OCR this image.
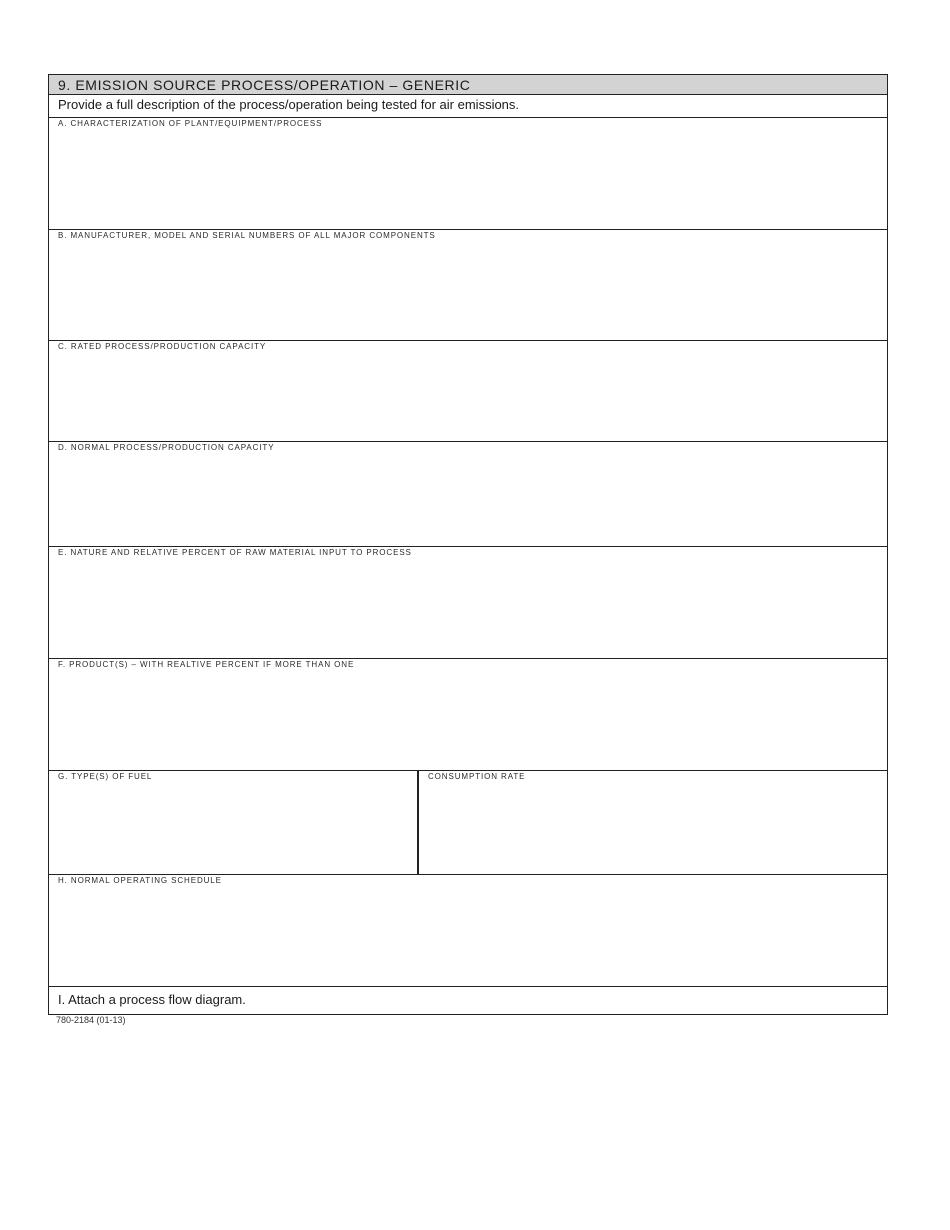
9. EMISSION SOURCE PROCESS/OPERATION – GENERIC
Provide a full description of the process/operation being tested for air emissions.
A. CHARACTERIZATION OF PLANT/EQUIPMENT/PROCESS
B. MANUFACTURER, MODEL AND SERIAL NUMBERS OF ALL MAJOR COMPONENTS
C. RATED PROCESS/PRODUCTION CAPACITY
D. NORMAL PROCESS/PRODUCTION CAPACITY
E. NATURE AND RELATIVE PERCENT OF RAW MATERIAL INPUT TO PROCESS
F. PRODUCT(S) – WITH REALTIVE PERCENT IF MORE THAN ONE
G. TYPE(S) OF FUEL	CONSUMPTION RATE
H. NORMAL OPERATING SCHEDULE
I. Attach a process flow diagram.
780-2184 (01-13)
